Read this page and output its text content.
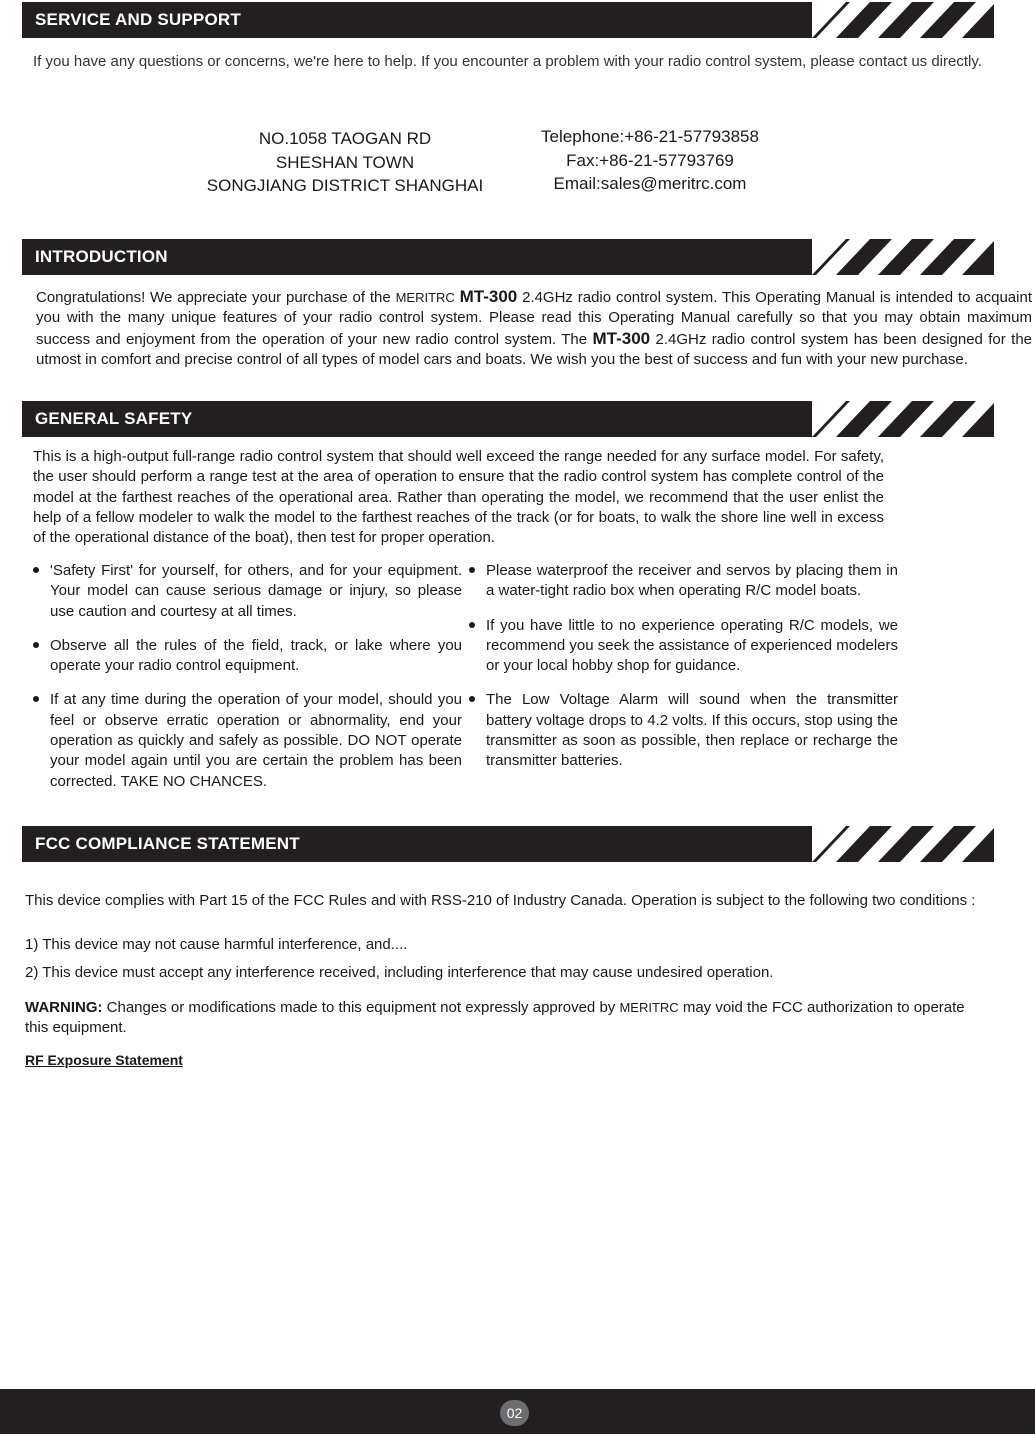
SERVICE AND SUPPORT

If you have any questions or concerns, we're here to help. If you encounter a problem with your radio control system, please contact us directly.

NO.1058 TAOGAN RD
SHESHAN TOWN
SONGJIANG DISTRICT SHANGHAI
Telephone:+86-21-57793858
Fax:+86-21-57793769
Email:sales@meritrc.com
INTRODUCTION

Congratulations! We appreciate your purchase of the MERITRC MT-300 2.4GHz radio control system. This Operating Manual is intended to acquaint you with the many unique features of your radio control system. Please read this Operating Manual carefully so that you may obtain maximum success and enjoyment from the operation of your new radio control system. The MT-300 2.4GHz radio control system has been designed for the utmost in comfort and precise control of all types of model cars and boats. We wish you the best of success and fun with your new purchase.

GENERAL SAFETY

This is a high-output full-range radio control system that should well exceed the range needed for any surface model. For safety, the user should perform a range test at the area of operation to ensure that the radio control system has complete control of the model at the farthest reaches of the operational area. Rather than operating the model, we recommend that the user enlist the help of a fellow modeler to walk the model to the farthest reaches of the track (or for boats, to walk the shore line well in excess of the operational distance of the boat), then test for proper operation.

'Safety First' for yourself, for others, and for your equipment. Your model can cause serious damage or injury, so please use caution and courtesy at all times.
Observe all the rules of the field, track, or lake where you operate your radio control equipment.
If at any time during the operation of your model, should you feel or observe erratic operation or abnormality, end your operation as quickly and safely as possible. DO NOT operate your model again until you are certain the problem has been corrected. TAKE NO CHANCES.
Please waterproof the receiver and servos by placing them in a water-tight radio box when operating R/C model boats.
If you have little to no experience operating R/C models, we recommend you seek the assistance of experienced modelers or your local hobby shop for guidance.
The Low Voltage Alarm will sound when the transmitter battery voltage drops to 4.2 volts. If this occurs, stop using the transmitter as soon as possible, then replace or recharge the transmitter batteries.
FCC COMPLIANCE STATEMENT

This device complies with Part 15 of the FCC Rules and with RSS-210 of Industry Canada. Operation is subject to the following two conditions :

1) This device may not cause harmful interference, and....

2) This device must accept any interference received, including interference that may cause undesired operation.

WARNING: Changes or modifications made to this equipment not expressly approved by MERITRC may void the FCC authorization to operate this equipment.

RF Exposure Statement
02
